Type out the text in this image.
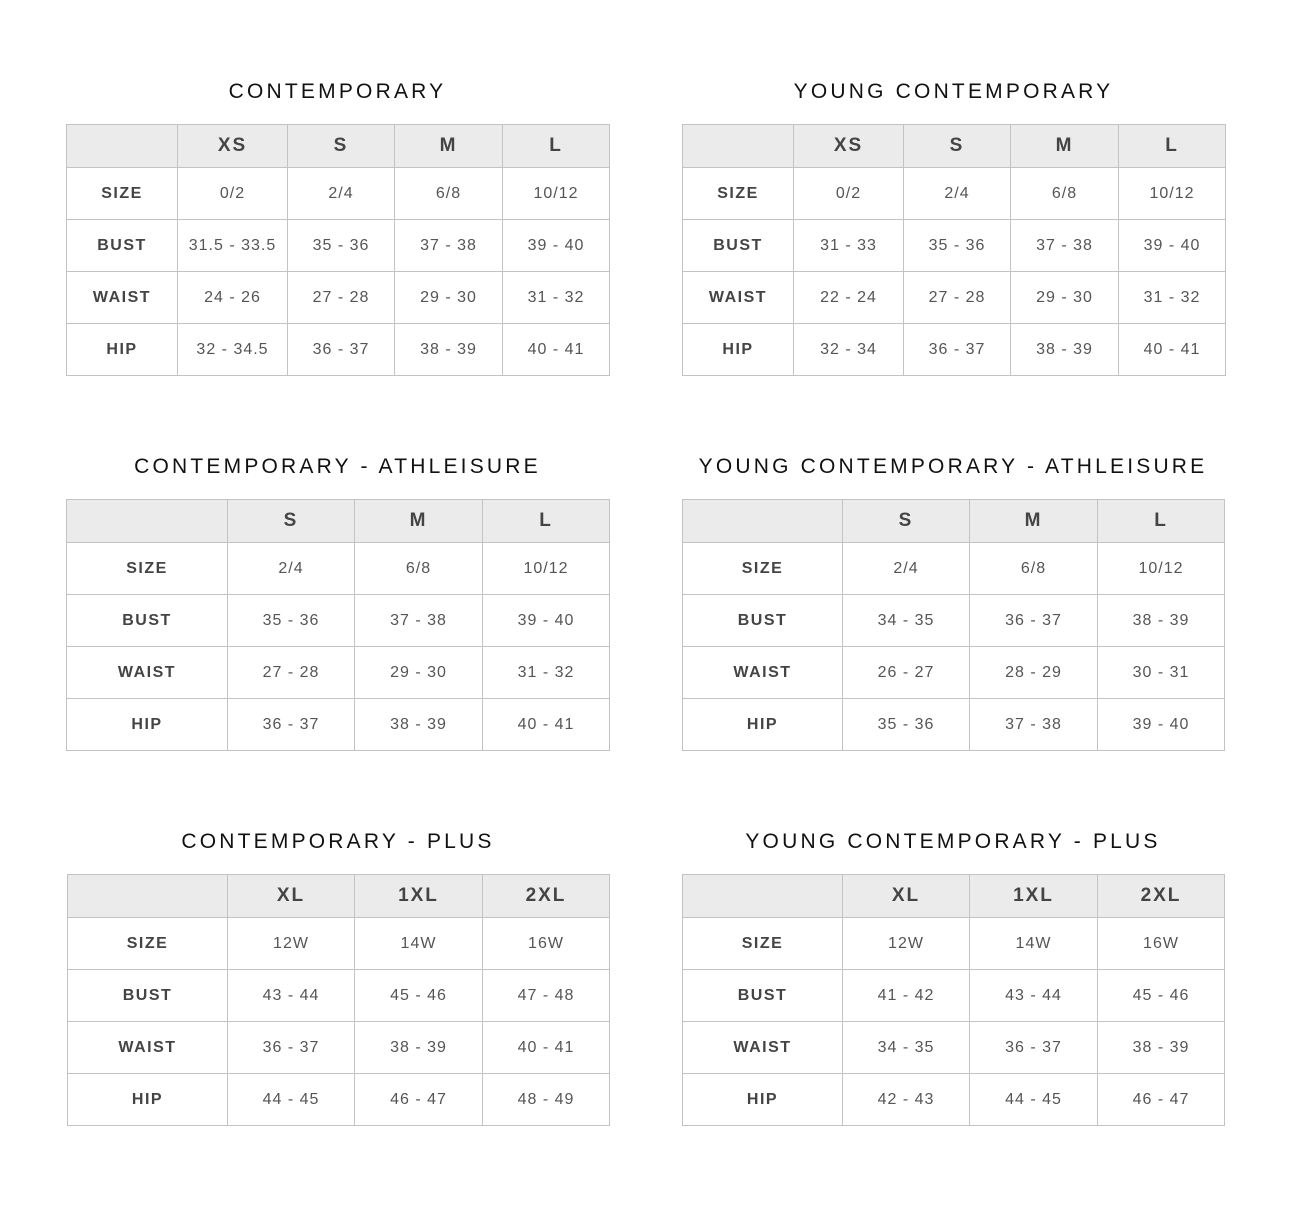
CONTEMPORARY
	XS	S	M	L
SIZE	0/2	2/4	6/8	10/12
BUST	31.5 - 33.5	35 - 36	37 - 38	39 - 40
WAIST	24 - 26	27 - 28	29 - 30	31 - 32
HIP	32 - 34.5	36 - 37	38 - 39	40 - 41
YOUNG CONTEMPORARY
	XS	S	M	L
SIZE	0/2	2/4	6/8	10/12
BUST	31 - 33	35 - 36	37 - 38	39 - 40
WAIST	22 - 24	27 - 28	29 - 30	31 - 32
HIP	32 - 34	36 - 37	38 - 39	40 - 41
CONTEMPORARY - ATHLEISURE
	S	M	L
SIZE	2/4	6/8	10/12
BUST	35 - 36	37 - 38	39 - 40
WAIST	27 - 28	29 - 30	31 - 32
HIP	36 - 37	38 - 39	40 - 41
YOUNG CONTEMPORARY - ATHLEISURE
	S	M	L
SIZE	2/4	6/8	10/12
BUST	34 - 35	36 - 37	38 - 39
WAIST	26 - 27	28 - 29	30 - 31
HIP	35 - 36	37 - 38	39 - 40
CONTEMPORARY - PLUS
	XL	1XL	2XL
SIZE	12W	14W	16W
BUST	43 - 44	45 - 46	47 - 48
WAIST	36 - 37	38 - 39	40 - 41
HIP	44 - 45	46 - 47	48 - 49
YOUNG CONTEMPORARY - PLUS
	XL	1XL	2XL
SIZE	12W	14W	16W
BUST	41 - 42	43 - 44	45 - 46
WAIST	34 - 35	36 - 37	38 - 39
HIP	42 - 43	44 - 45	46 - 47
